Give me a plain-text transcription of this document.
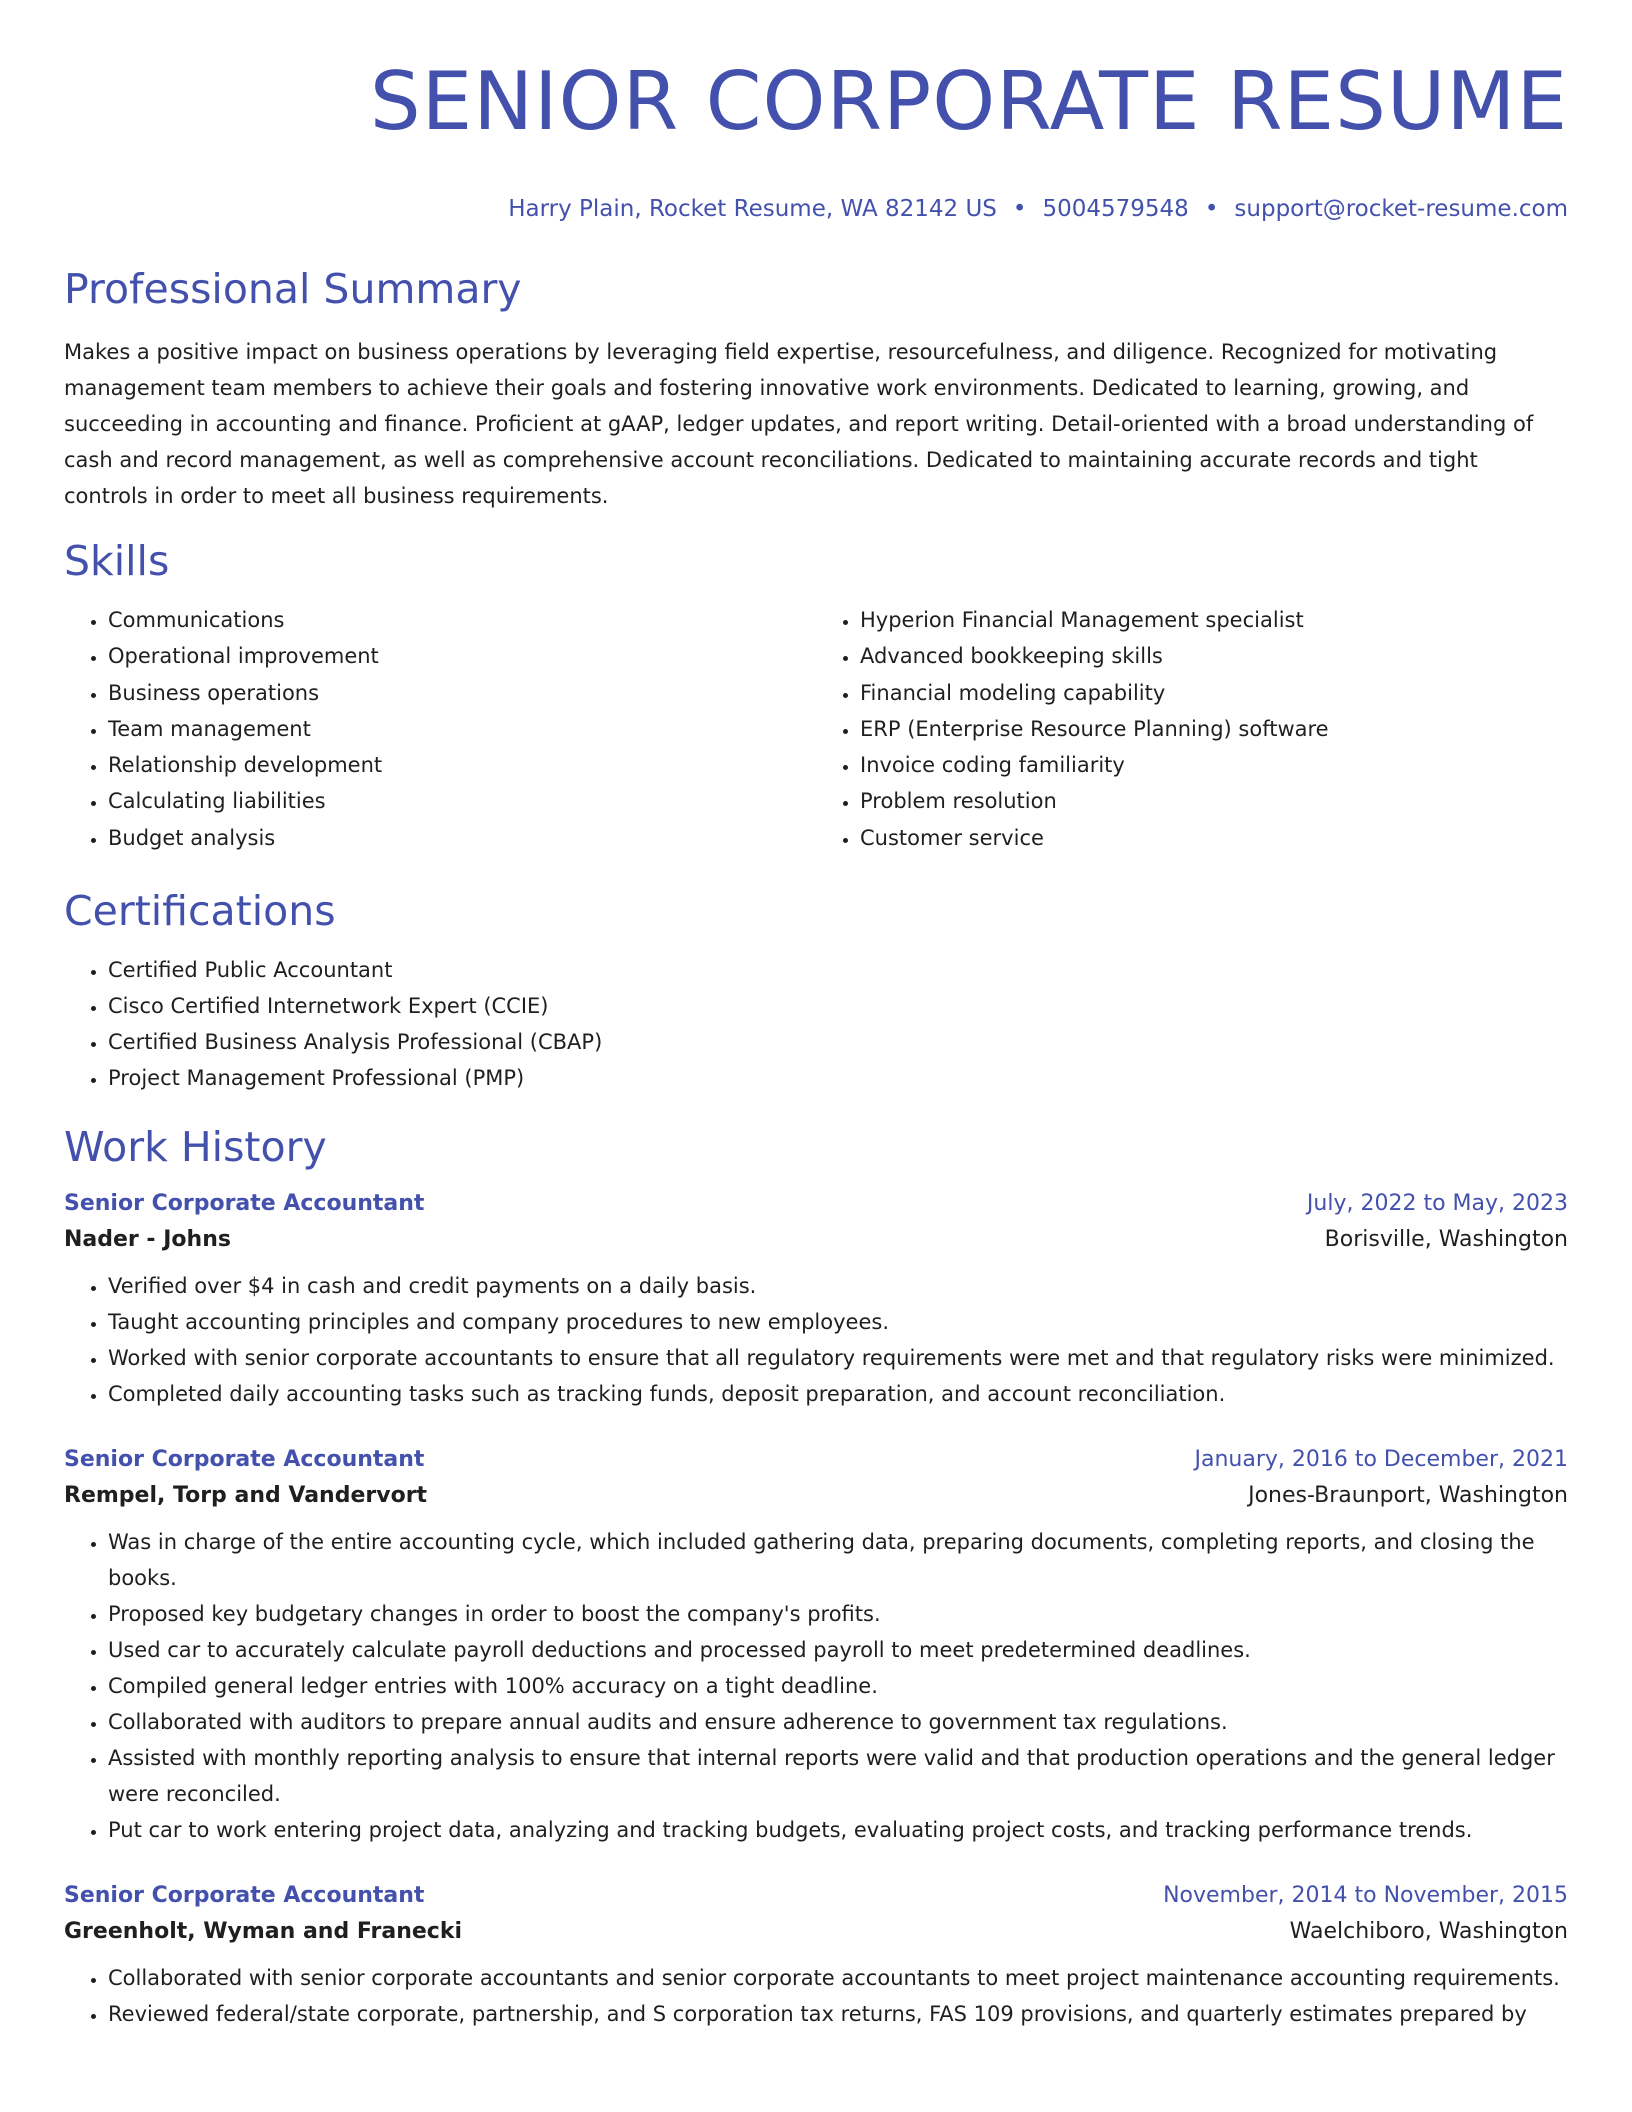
SENIOR CORPORATE RESUME
Harry Plain, Rocket Resume, WA 82142 US • 5004579548 • support@rocket-resume.com
Professional Summary
Makes a positive impact on business operations by leveraging field expertise, resourcefulness, and diligence. Recognized for motivating management team members to achieve their goals and fostering innovative work environments. Dedicated to learning, growing, and succeeding in accounting and finance. Proficient at gAAP, ledger updates, and report writing. Detail-oriented with a broad understanding of cash and record management, as well as comprehensive account reconciliations. Dedicated to maintaining accurate records and tight controls in order to meet all business requirements.
Skills
• Communications
• Operational improvement
• Business operations
• Team management
• Relationship development
• Calculating liabilities
• Budget analysis
• Hyperion Financial Management specialist
• Advanced bookkeeping skills
• Financial modeling capability
• ERP (Enterprise Resource Planning) software
• Invoice coding familiarity
• Problem resolution
• Customer service
Certifications
• Certified Public Accountant
• Cisco Certified Internetwork Expert (CCIE)
• Certified Business Analysis Professional (CBAP)
• Project Management Professional (PMP)
Work History
Senior Corporate Accountant	July, 2022 to May, 2023
Nader - Johns	Borisville, Washington
• Verified over $4 in cash and credit payments on a daily basis.
• Taught accounting principles and company procedures to new employees.
• Worked with senior corporate accountants to ensure that all regulatory requirements were met and that regulatory risks were minimized.
• Completed daily accounting tasks such as tracking funds, deposit preparation, and account reconciliation.
Senior Corporate Accountant	January, 2016 to December, 2021
Rempel, Torp and Vandervort	Jones-Braunport, Washington
• Was in charge of the entire accounting cycle, which included gathering data, preparing documents, completing reports, and closing the books.
• Proposed key budgetary changes in order to boost the company's profits.
• Used car to accurately calculate payroll deductions and processed payroll to meet predetermined deadlines.
• Compiled general ledger entries with 100% accuracy on a tight deadline.
• Collaborated with auditors to prepare annual audits and ensure adherence to government tax regulations.
• Assisted with monthly reporting analysis to ensure that internal reports were valid and that production operations and the general ledger were reconciled.
• Put car to work entering project data, analyzing and tracking budgets, evaluating project costs, and tracking performance trends.
Senior Corporate Accountant	November, 2014 to November, 2015
Greenholt, Wyman and Franecki	Waelchiboro, Washington
• Collaborated with senior corporate accountants and senior corporate accountants to meet project maintenance accounting requirements.
• Reviewed federal/state corporate, partnership, and S corporation tax returns, FAS 109 provisions, and quarterly estimates prepared by
